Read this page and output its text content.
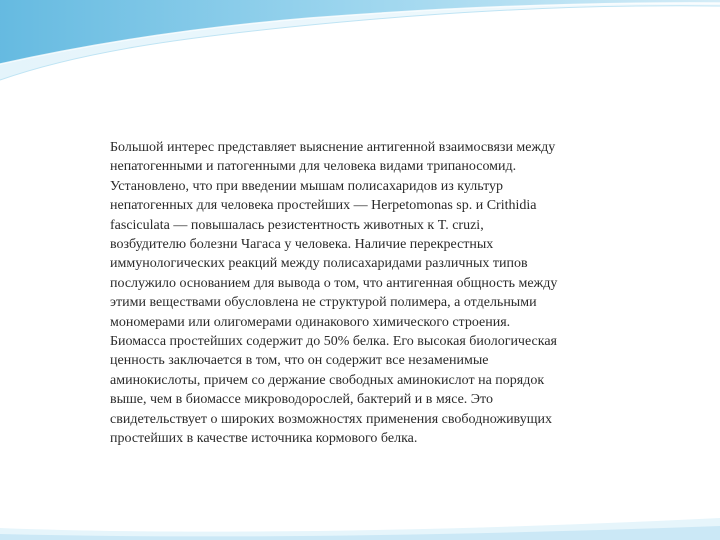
Большой интерес представляет выяснение антигенной взаимосвязи между
непатогенными и патогенными для человека видами трипаносомид.
Установлено, что при введении мышам полисахаридов из культур
непатогенных для человека простейших — Herpetomonas sp. и Crithidia
fasciculata — повышалась резистентность животных к T. cruzi,
возбудителю болезни Чагаса у человека. Наличие перекрестных
иммунологических реакций между полисахаридами различных типов
послужило основанием для вывода о том, что антигенная общность между
этими веществами обусловлена не структурой полимера, а отдельными
мономерами или олигомерами одинакового химического строения.
Биомасса простейших содержит до 50% белка. Его высокая биологическая
ценность заключается в том, что он содержит все незаменимые
аминокислоты, причем со держание свободных аминокислот на порядок
выше, чем в биомассе микроводорослей, бактерий и в мясе. Это
свидетельствует о широких возможностях применения свободноживущих
простейших в качестве источника кормового белка.
